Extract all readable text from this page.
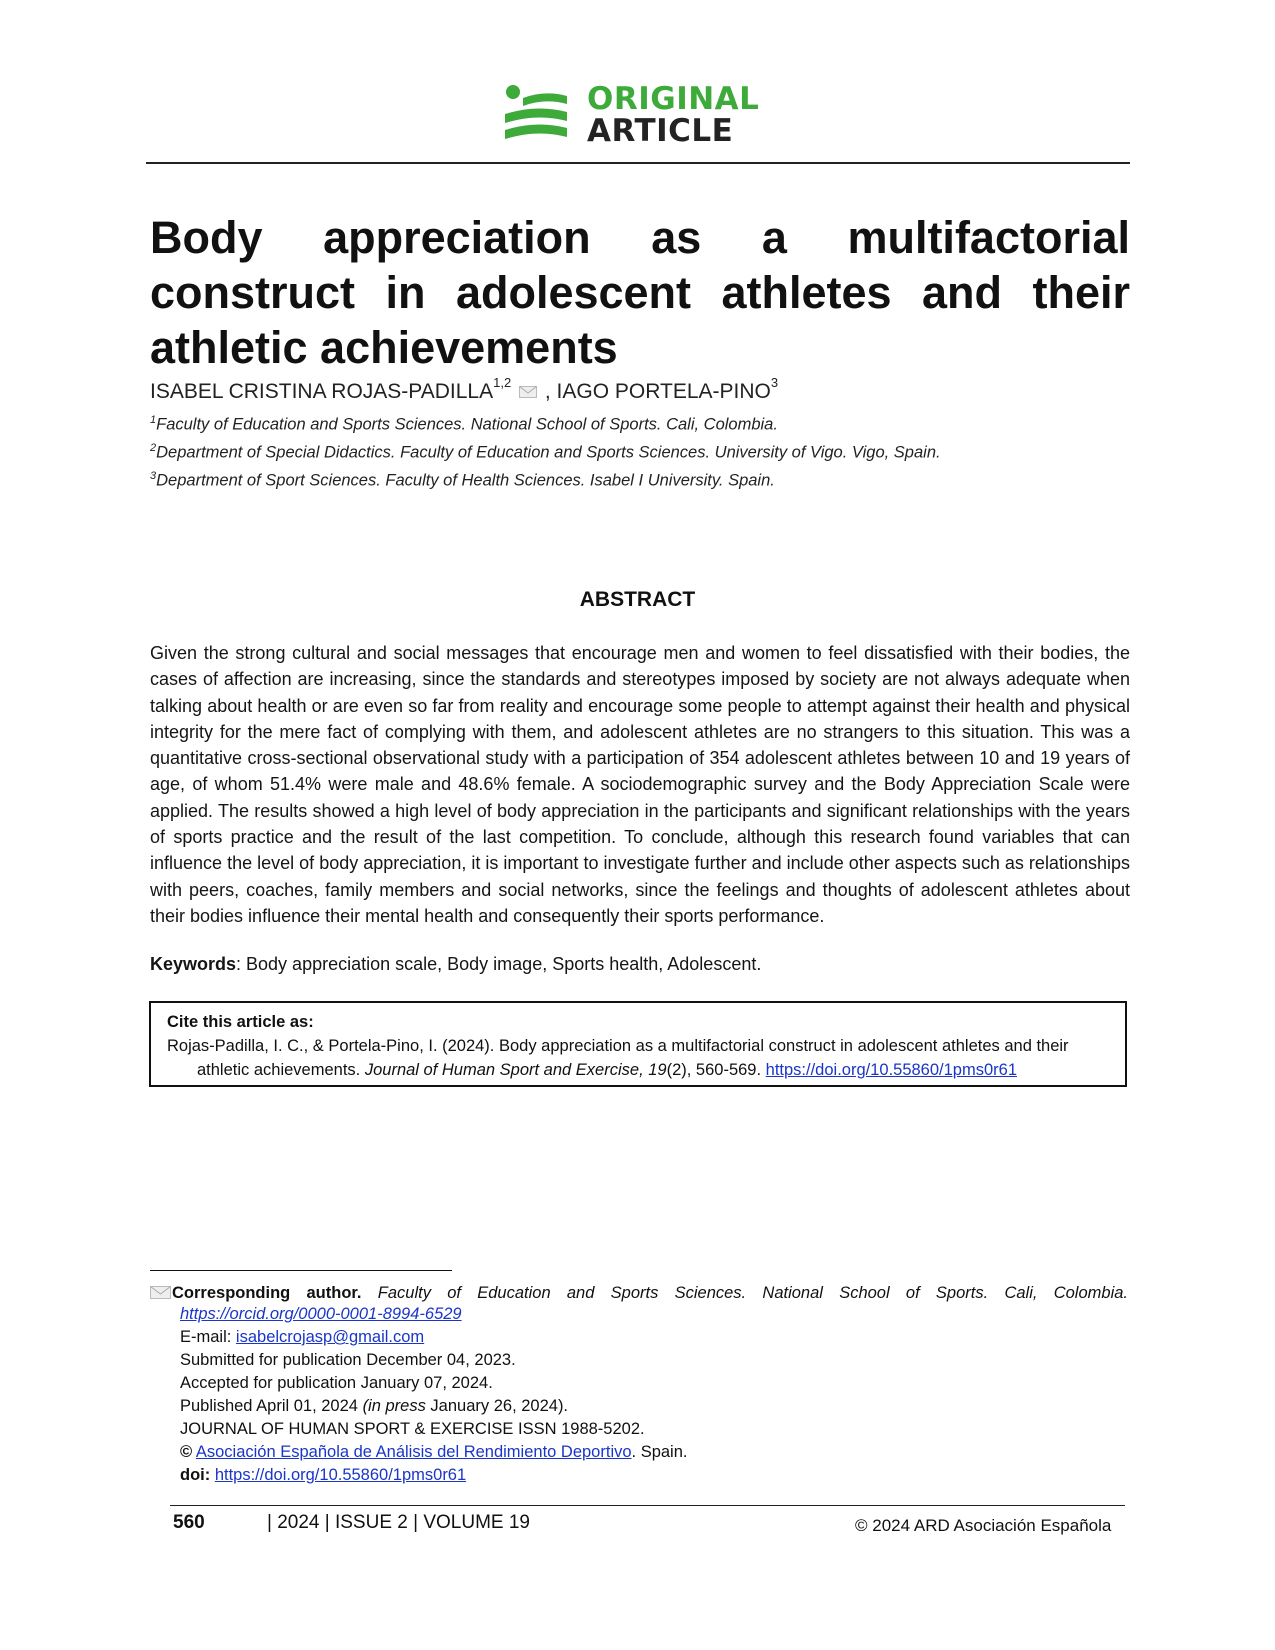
ORIGINAL
ARTICLE
Body appreciation as a multifactorial construct in adolescent athletes and their athletic achievements
ISABEL CRISTINA ROJAS-PADILLA$^{1,2}$  , IAGO PORTELA-PINO$^3$
$^1$Faculty of Education and Sports Sciences. National School of Sports. Cali, Colombia.
$^2$Department of Special Didactics. Faculty of Education and Sports Sciences. University of Vigo. Vigo, Spain.
$^3$Department of Sport Sciences. Faculty of Health Sciences. Isabel I University. Spain.
ABSTRACT
Given the strong cultural and social messages that encourage men and women to feel dissatisfied with their bodies, the cases of affection are increasing, since the standards and stereotypes imposed by society are not always adequate when talking about health or are even so far from reality and encourage some people to attempt against their health and physical integrity for the mere fact of complying with them, and adolescent athletes are no strangers to this situation. This was a quantitative cross-sectional observational study with a participation of 354 adolescent athletes between 10 and 19 years of age, of whom 51.4% were male and 48.6% female. A sociodemographic survey and the Body Appreciation Scale were applied. The results showed a high level of body appreciation in the participants and significant relationships with the years of sports practice and the result of the last competition. To conclude, although this research found variables that can influence the level of body appreciation, it is important to investigate further and include other aspects such as relationships with peers, coaches, family members and social networks, since the feelings and thoughts of adolescent athletes about their bodies influence their mental health and consequently their sports performance.
Keywords: Body appreciation scale, Body image, Sports health, Adolescent.
Cite this article as:
Rojas-Padilla, I. C., & Portela-Pino, I. (2024). Body appreciation as a multifactorial construct in adolescent athletes and their
athletic achievements. Journal of Human Sport and Exercise, 19(2), 560-569. https://doi.org/10.55860/1pms0r61
Corresponding author. Faculty of Education and Sports Sciences. National School of Sports. Cali, Colombia.
https://orcid.org/0000-0001-8994-6529
E-mail: isabelcrojasp@gmail.com
Submitted for publication December 04, 2023.
Accepted for publication January 07, 2024.
Published April 01, 2024 (in press January 26, 2024).
JOURNAL OF HUMAN SPORT & EXERCISE ISSN 1988-5202.
© Asociación Española de Análisis del Rendimiento Deportivo. Spain.
doi: https://doi.org/10.55860/1pms0r61
560	| 2024 | ISSUE 2 | VOLUME 19	© 2024 ARD Asociación Española
